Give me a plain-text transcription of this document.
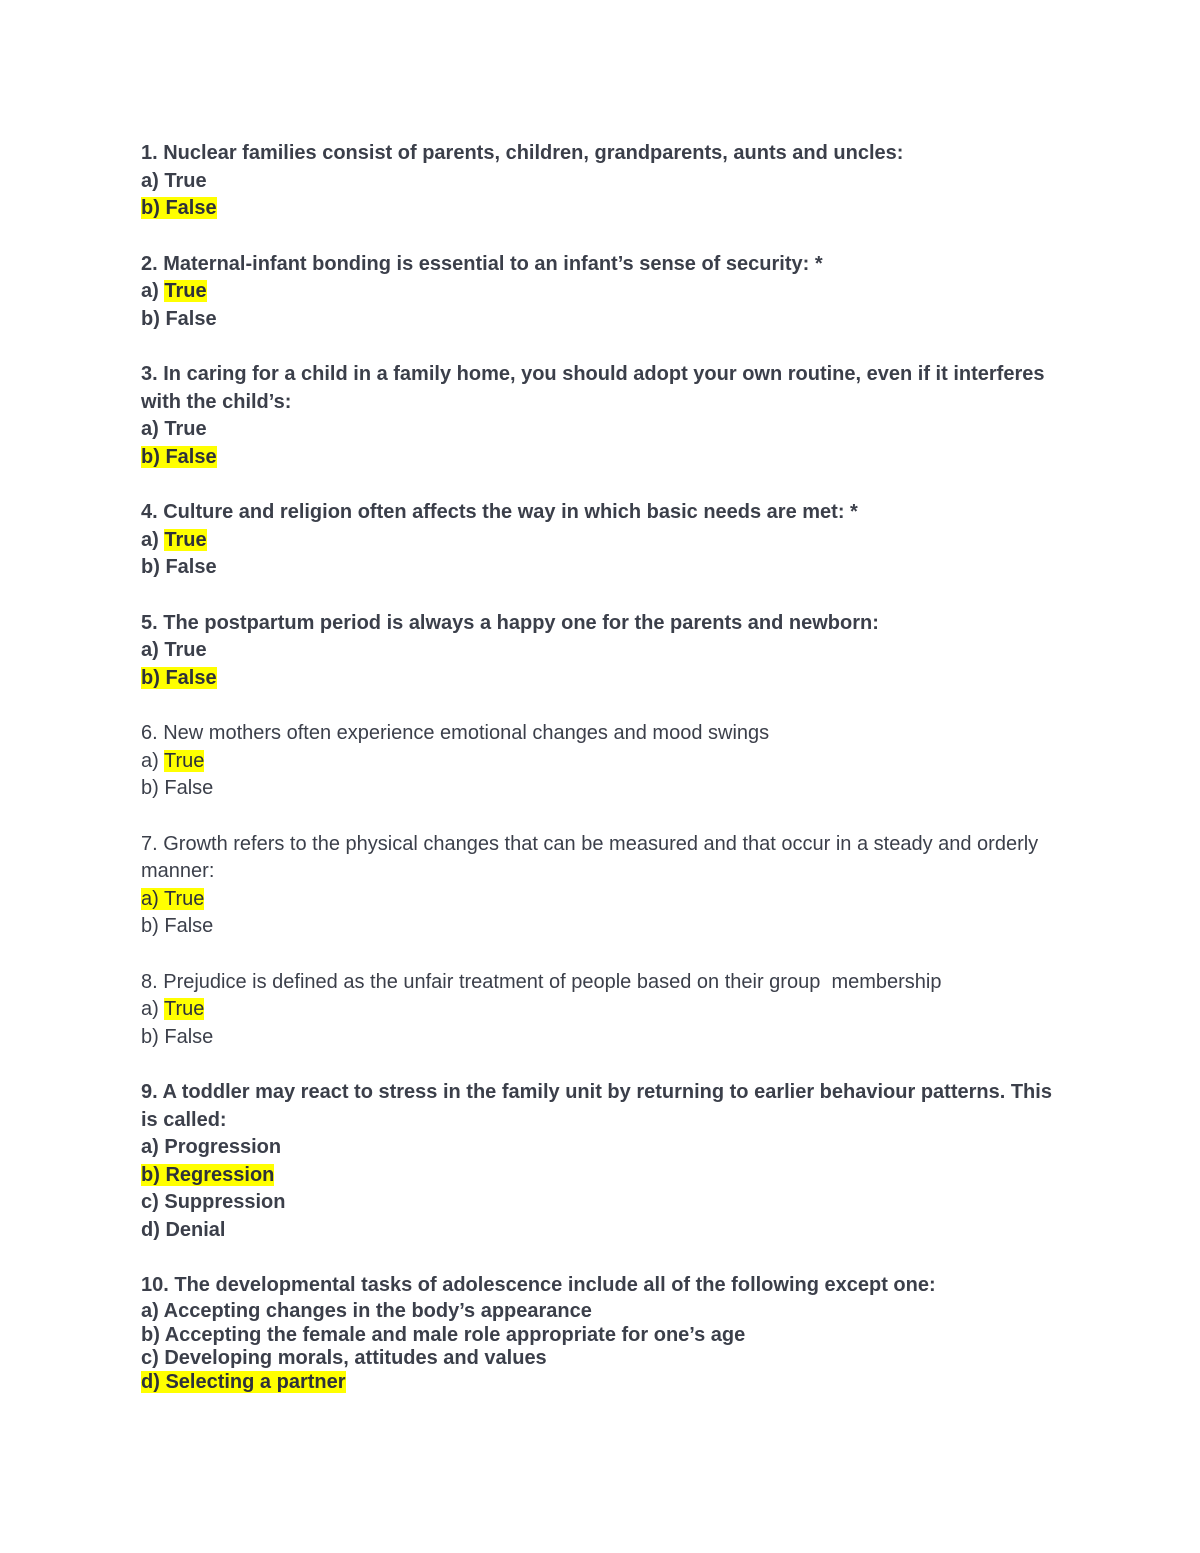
1. Nuclear families consist of parents, children, grandparents, aunts and uncles:
a) True
b) False
2. Maternal-infant bonding is essential to an infant’s sense of security: *
a) True
b) False
3. In caring for a child in a family home, you should adopt your own routine, even if it interferes with the child’s:
a) True
b) False
4. Culture and religion often affects the way in which basic needs are met: *
a) True
b) False
5. The postpartum period is always a happy one for the parents and newborn:
a) True
b) False
6. New mothers often experience emotional changes and mood swings
a) True
b) False
7. Growth refers to the physical changes that can be measured and that occur in a steady and orderly manner:
a) True
b) False
8. Prejudice is defined as the unfair treatment of people based on their group  membership
a) True
b) False
9. A toddler may react to stress in the family unit by returning to earlier behaviour patterns. This is called:
a) Progression
b) Regression
c) Suppression
d) Denial
10. The developmental tasks of adolescence include all of the following except one:
a) Accepting changes in the body’s appearance
b) Accepting the female and male role appropriate for one’s age
c) Developing morals, attitudes and values
d) Selecting a partner
